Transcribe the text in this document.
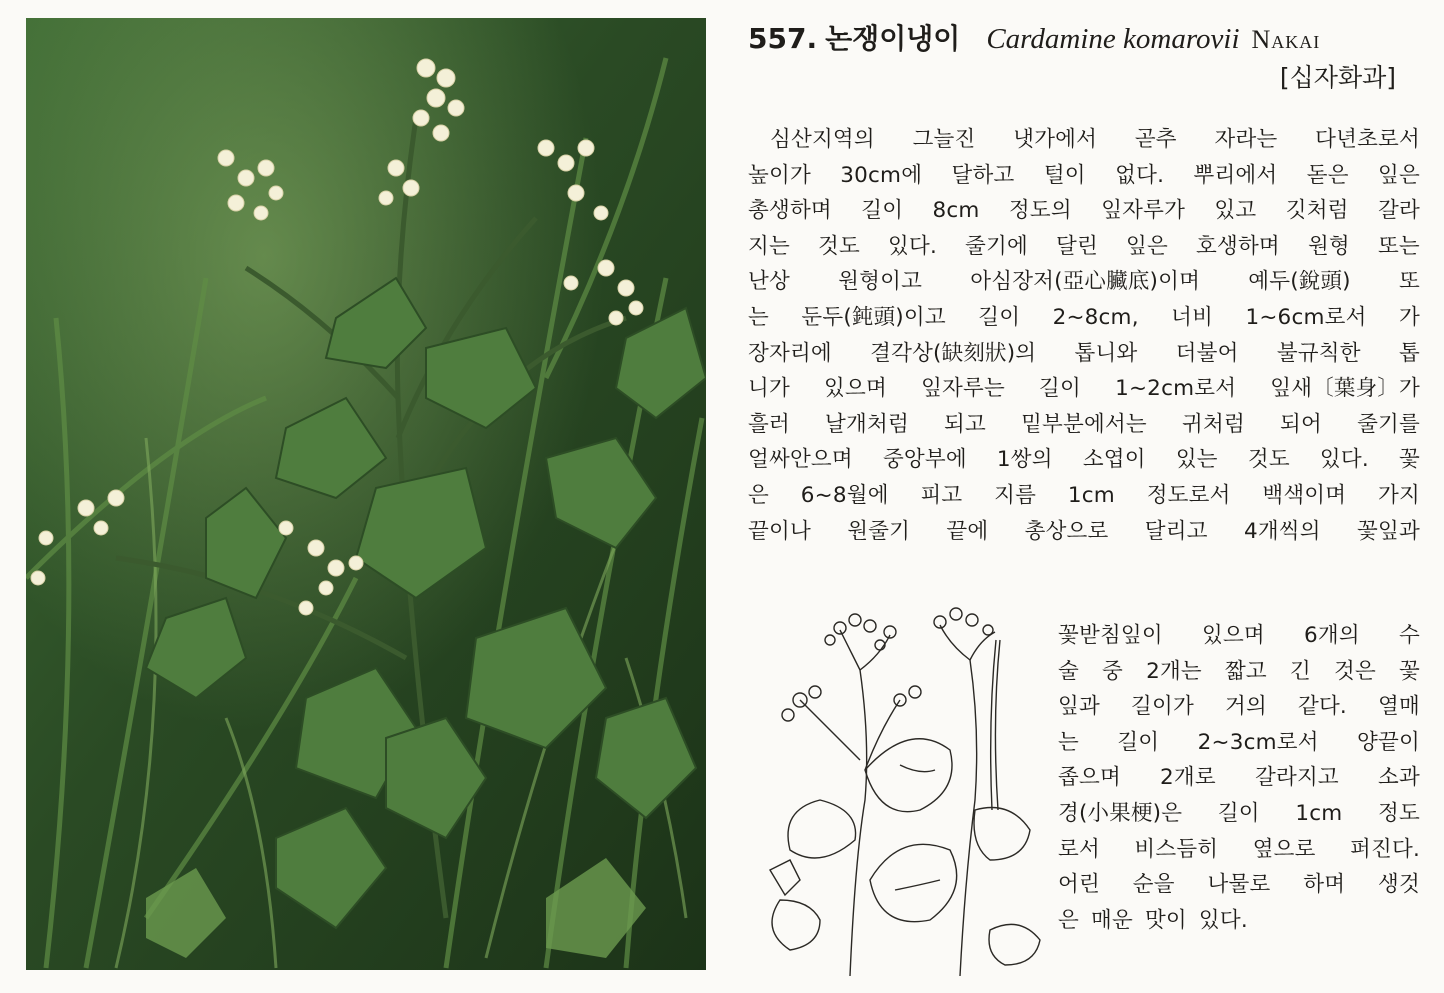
557. 논쟁이냉이 Cardamine komarovii Nakai
[십자화과]
심산지역의 그늘진 냇가에서 곧추 자라는 다년초로서
높이가 30cm에 달하고 털이 없다. 뿌리에서 돋은 잎은
총생하며 길이 8cm 정도의 잎자루가 있고 깃처럼 갈라
지는 것도 있다. 줄기에 달린 잎은 호생하며 원형 또는
난상 원형이고 아심장저(亞心臟底)이며 예두(銳頭) 또
는 둔두(鈍頭)이고 길이 2~8cm, 너비 1~6cm로서 가
장자리에 결각상(缺刻狀)의 톱니와 더불어 불규칙한 톱
니가 있으며 잎자루는 길이 1~2cm로서 잎새〔葉身〕가
흘러 날개처럼 되고 밑부분에서는 귀처럼 되어 줄기를
얼싸안으며 중앙부에 1쌍의 소엽이 있는 것도 있다. 꽃
은 6~8월에 피고 지름 1cm 정도로서 백색이며 가지
끝이나 원줄기 끝에 총상으로 달리고 4개씩의 꽃잎과
꽃받침잎이 있으며 6개의 수
술 중 2개는 짧고 긴 것은 꽃
잎과 길이가 거의 같다. 열매
는 길이 2~3cm로서 양끝이
좁으며 2개로 갈라지고 소과
경(小果梗)은 길이 1cm 정도
로서 비스듬히 옆으로 퍼진다.
어린 순을 나물로 하며 생것
은 매운 맛이 있다.
